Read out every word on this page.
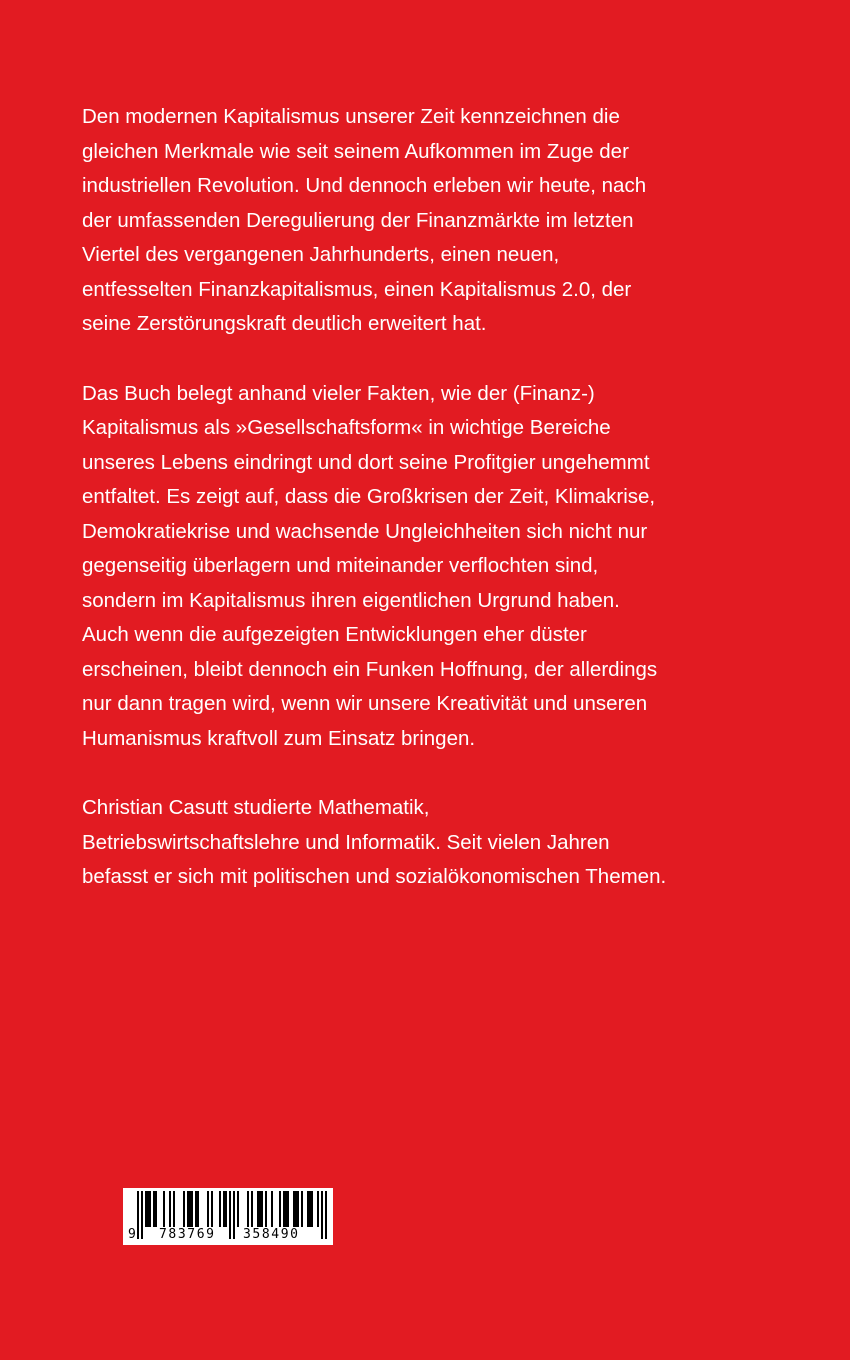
Den modernen Kapitalismus unserer Zeit kennzeichnen die
gleichen Merkmale wie seit seinem Aufkommen im Zuge der
industriellen Revolution. Und dennoch erleben wir heute, nach
der umfassenden Deregulierung der Finanzmärkte im letzten
Viertel des vergangenen Jahrhunderts, einen neuen,
entfesselten Finanzkapitalismus, einen Kapitalismus 2.0, der
seine Zerstörungskraft deutlich erweitert hat.

Das Buch belegt anhand vieler Fakten, wie der (Finanz-)
Kapitalismus als »Gesellschaftsform« in wichtige Bereiche
unseres Lebens eindringt und dort seine Profitgier ungehemmt
entfaltet. Es zeigt auf, dass die Großkrisen der Zeit, Klimakrise,
Demokratiekrise und wachsende Ungleichheiten sich nicht nur
gegenseitig überlagern und miteinander verflochten sind,
sondern im Kapitalismus ihren eigentlichen Urgrund haben.
Auch wenn die aufgezeigten Entwicklungen eher düster
erscheinen, bleibt dennoch ein Funken Hoffnung, der allerdings
nur dann tragen wird, wenn wir unsere Kreativität und unseren
Humanismus kraftvoll zum Einsatz bringen.

Christian Casutt studierte Mathematik,
Betriebswirtschaftslehre und Informatik. Seit vielen Jahren
befasst er sich mit politischen und sozialökonomischen Themen.

9 783769 358490
